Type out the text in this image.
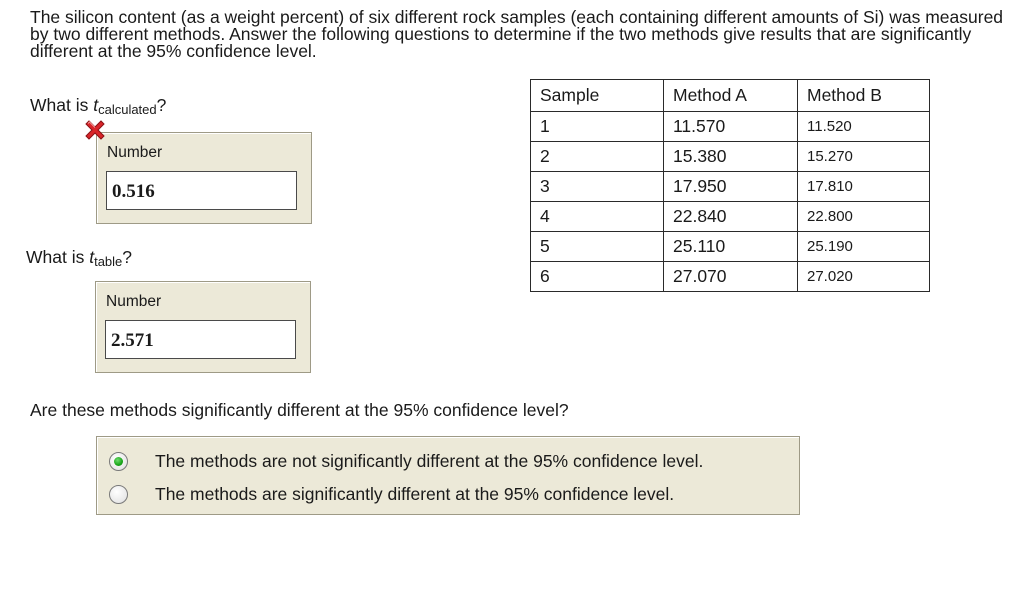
The silicon content (as a weight percent) of six different rock samples (each containing different amounts of Si) was measured by two different methods. Answer the following questions to determine if the two methods give results that are significantly different at the 95% confidence level.
What is $t_{calculated}$?
Number
0.516
What is $t_{table}$?
Number
2.571
Sample	Method A	Method B
1	11.570	11.520
2	15.380	15.270
3	17.950	17.810
4	22.840	22.800
5	25.110	25.190
6	27.070	27.020
Are these methods significantly different at the 95% confidence level?
The methods are not significantly different at the 95% confidence level.
The methods are significantly different at the 95% confidence level.
